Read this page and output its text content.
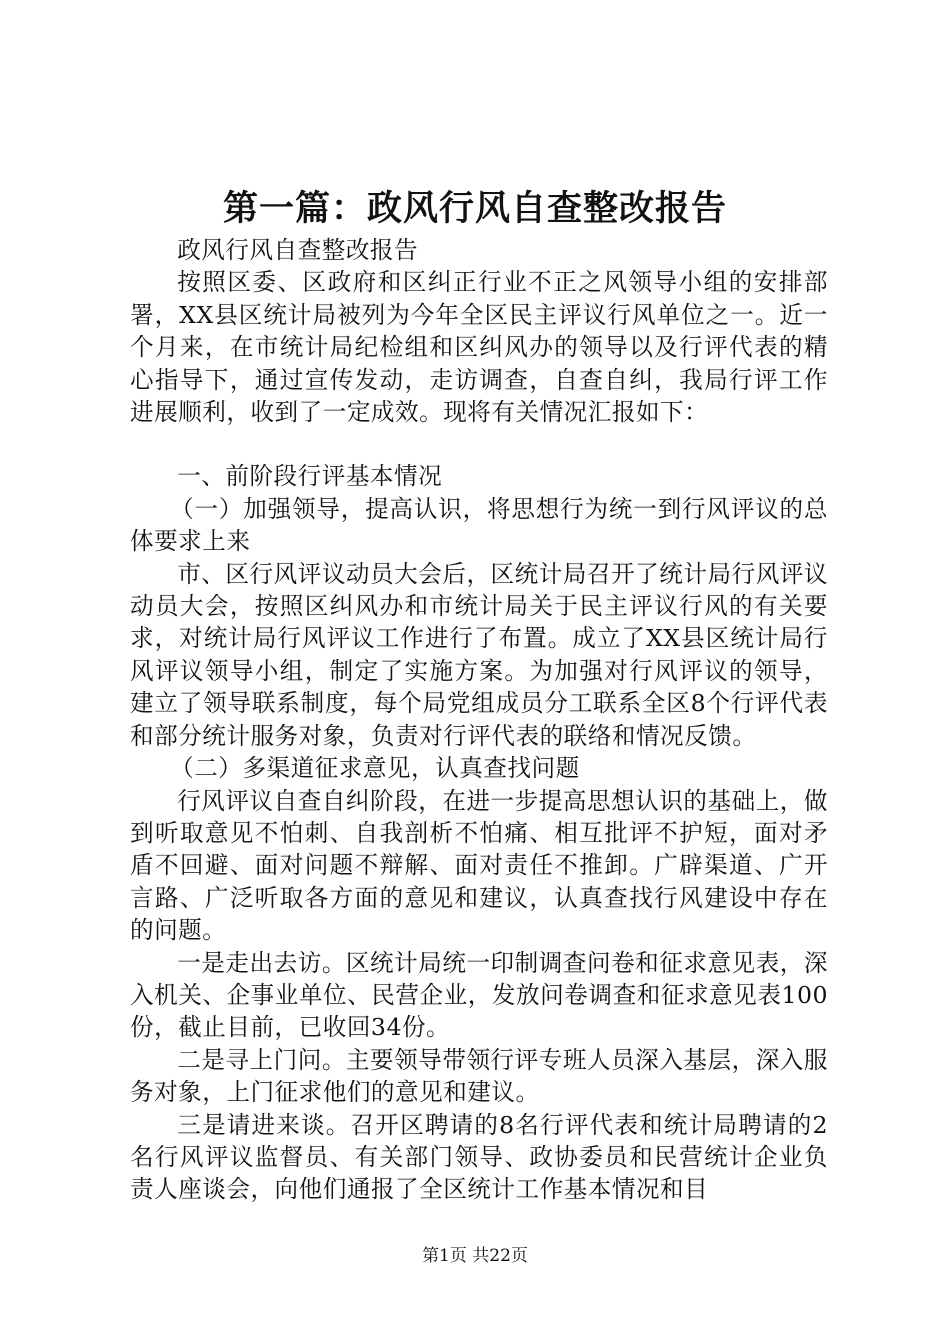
第一篇：政风行风自查整改报告

政风行风自查整改报告

按照区委、区政府和区纠正行业不正之风领导小组的安排部署，XX县区统计局被列为今年全区民主评议行风单位之一。近一个月来，在市统计局纪检组和区纠风办的领导以及行评代表的精心指导下，通过宣传发动，走访调查，自查自纠，我局行评工作进展顺利，收到了一定成效。现将有关情况汇报如下：

一、前阶段行评基本情况

（一）加强领导，提高认识，将思想行为统一到行风评议的总体要求上来

市、区行风评议动员大会后，区统计局召开了统计局行风评议动员大会，按照区纠风办和市统计局关于民主评议行风的有关要求，对统计局行风评议工作进行了布置。成立了XX县区统计局行风评议领导小组，制定了实施方案。为加强对行风评议的领导，建立了领导联系制度，每个局党组成员分工联系全区8个行评代表和部分统计服务对象，负责对行评代表的联络和情况反馈。

（二）多渠道征求意见，认真查找问题

行风评议自查自纠阶段，在进一步提高思想认识的基础上，做到听取意见不怕刺、自我剖析不怕痛、相互批评不护短，面对矛盾不回避、面对问题不辩解、面对责任不推卸。广辟渠道、广开言路、广泛听取各方面的意见和建议，认真查找行风建设中存在的问题。

一是走出去访。区统计局统一印制调查问卷和征求意见表，深入机关、企事业单位、民营企业，发放问卷调查和征求意见表100份，截止目前，已收回34份。

二是寻上门问。主要领导带领行评专班人员深入基层，深入服务对象，上门征求他们的意见和建议。

三是请进来谈。召开区聘请的8名行评代表和统计局聘请的2名行风评议监督员、有关部门领导、政协委员和民营统计企业负责人座谈会，向他们通报了全区统计工作基本情况和目

第1页 共22页
